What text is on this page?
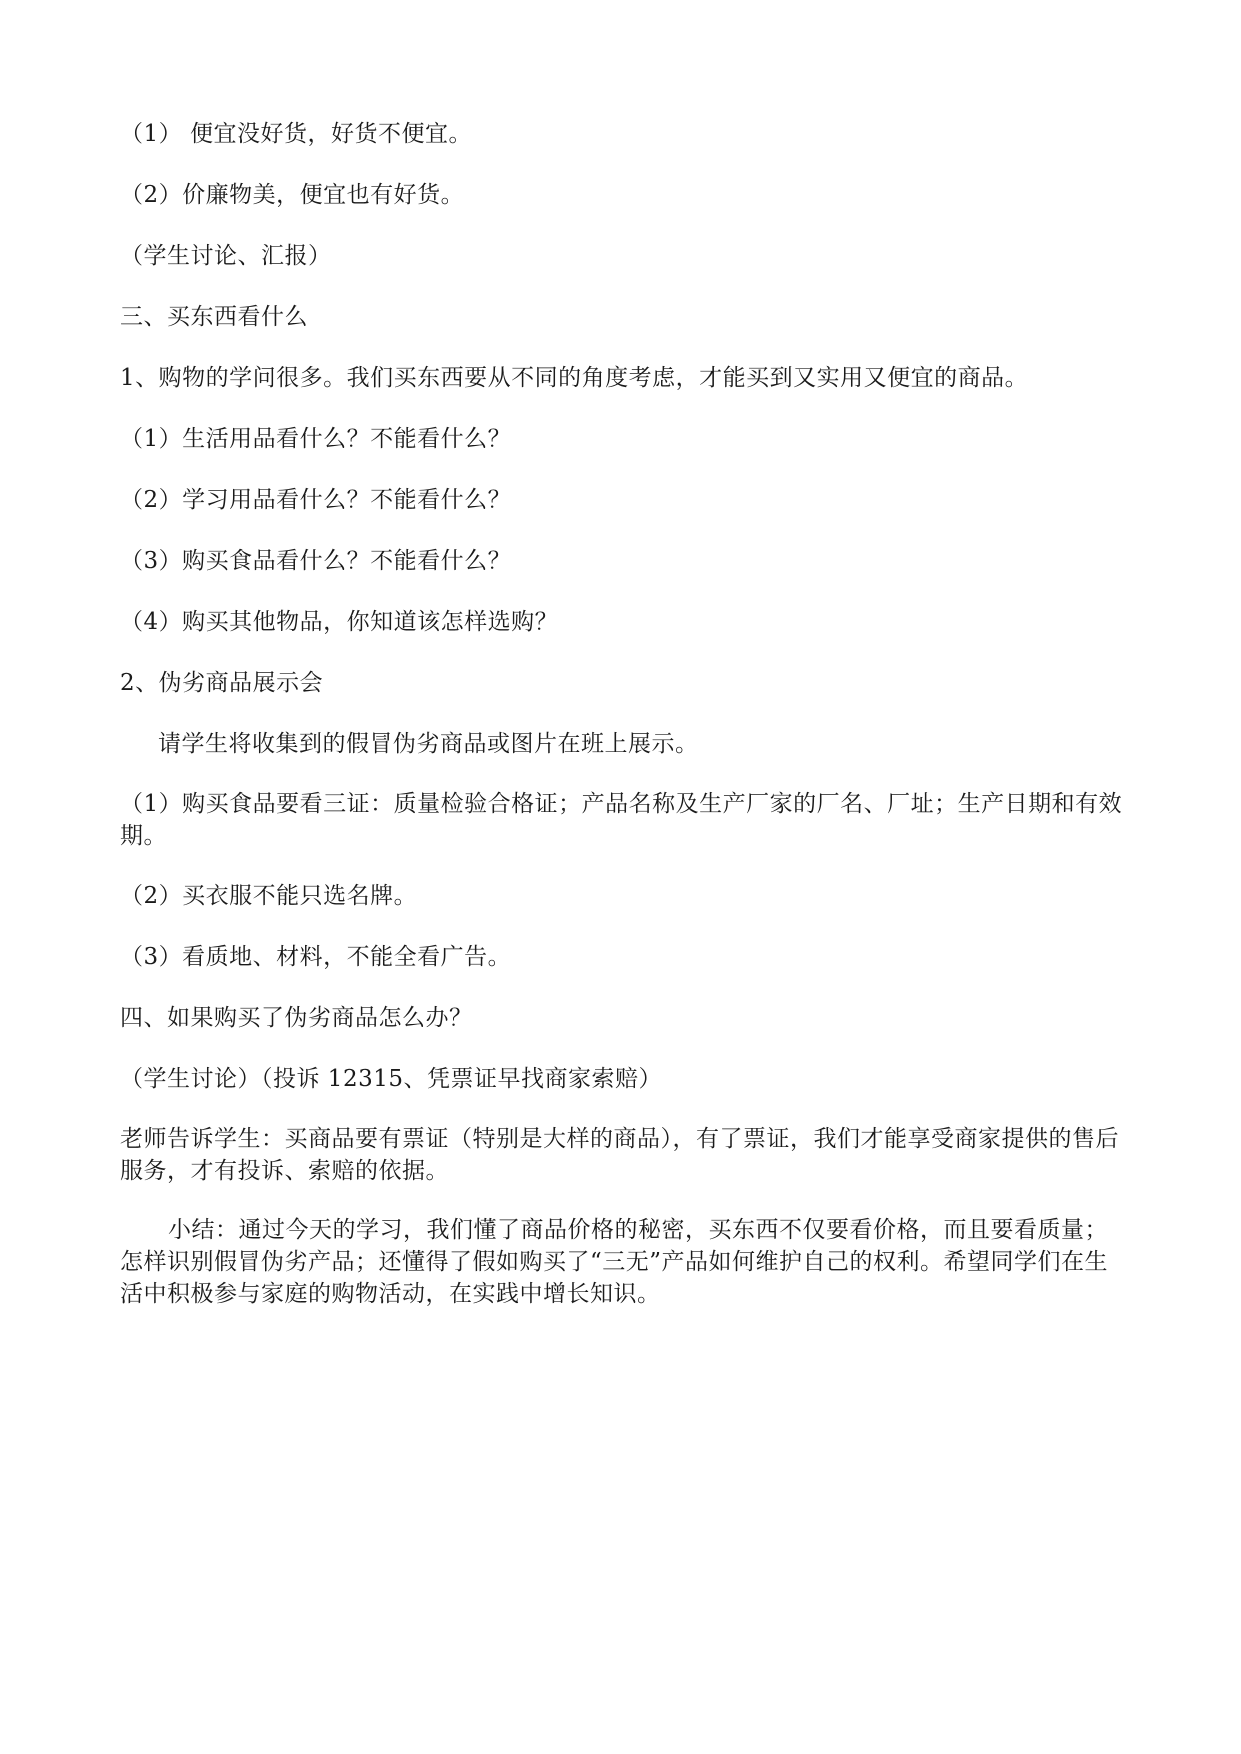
（1） 便宜没好货，好货不便宜。

（2）价廉物美，便宜也有好货。

（学生讨论、汇报）

三、买东西看什么

1、购物的学问很多。我们买东西要从不同的角度考虑，才能买到又实用又便宜的商品。

（1）生活用品看什么？不能看什么？

（2）学习用品看什么？不能看什么？

（3）购买食品看什么？不能看什么？

（4）购买其他物品，你知道该怎样选购？

2、伪劣商品展示会

请学生将收集到的假冒伪劣商品或图片在班上展示。

（1）购买食品要看三证：质量检验合格证；产品名称及生产厂家的厂名、厂址；生产日期和有效期。

（2）买衣服不能只选名牌。

（3）看质地、材料，不能全看广告。

四、如果购买了伪劣商品怎么办？

（学生讨论）（投诉 12315、凭票证早找商家索赔）

老师告诉学生：买商品要有票证（特别是大样的商品），有了票证，我们才能享受商家提供的售后服务，才有投诉、索赔的依据。

小结：通过今天的学习，我们懂了商品价格的秘密，买东西不仅要看价格，而且要看质量；怎样识别假冒伪劣产品；还懂得了假如购买了“三无”产品如何维护自己的权利。希望同学们在生活中积极参与家庭的购物活动，在实践中增长知识。
